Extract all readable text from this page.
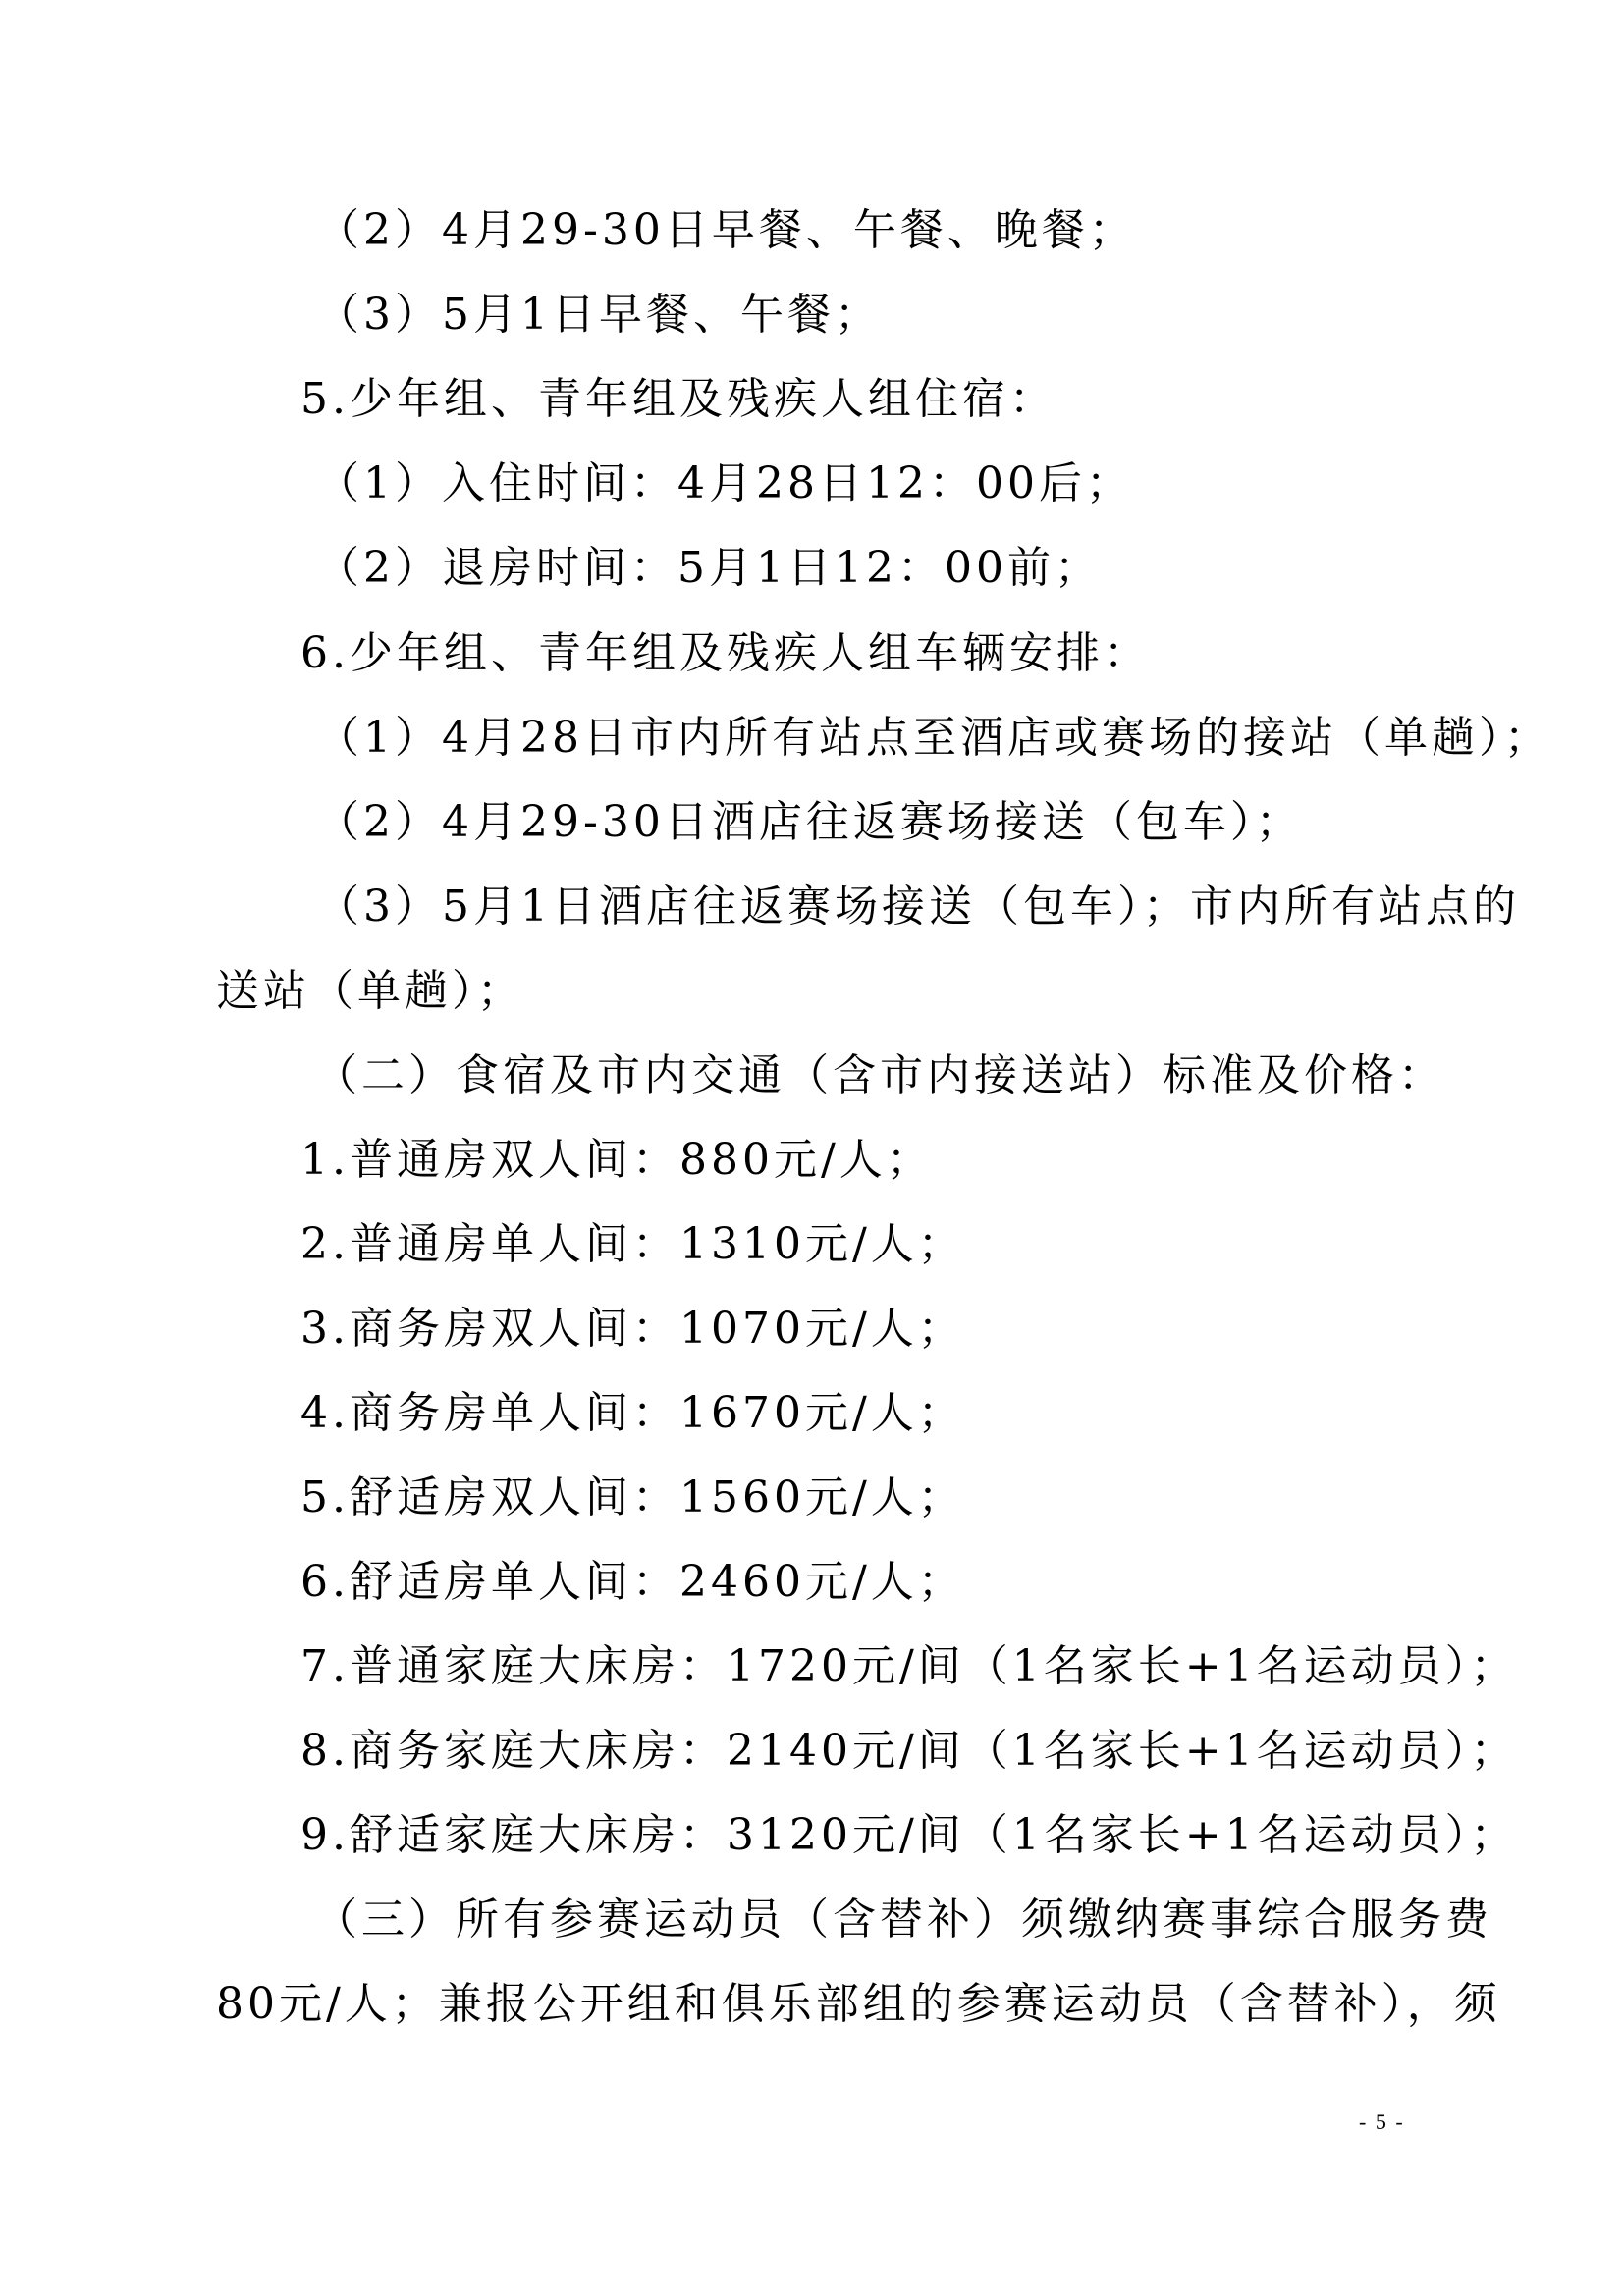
（2）4月29-30日早餐、午餐、晚餐；
（3）5月1日早餐、午餐；
5.少年组、青年组及残疾人组住宿：
（1）入住时间：4月28日12：00后；
（2）退房时间：5月1日12：00前；
6.少年组、青年组及残疾人组车辆安排：
（1）4月28日市内所有站点至酒店或赛场的接站（单趟）；
（2）4月29-30日酒店往返赛场接送（包车）；
（3）5月1日酒店往返赛场接送（包车）；市内所有站点的
送站（单趟）；
（二）食宿及市内交通（含市内接送站）标准及价格：
1.普通房双人间：880元/人；
2.普通房单人间：1310元/人；
3.商务房双人间：1070元/人；
4.商务房单人间：1670元/人；
5.舒适房双人间：1560元/人；
6.舒适房单人间：2460元/人；
7.普通家庭大床房：1720元/间（1名家长+1名运动员）；
8.商务家庭大床房：2140元/间（1名家长+1名运动员）；
9.舒适家庭大床房：3120元/间（1名家长+1名运动员）；
（三）所有参赛运动员（含替补）须缴纳赛事综合服务费
80元/人；兼报公开组和俱乐部组的参赛运动员（含替补），须
- 5 -
